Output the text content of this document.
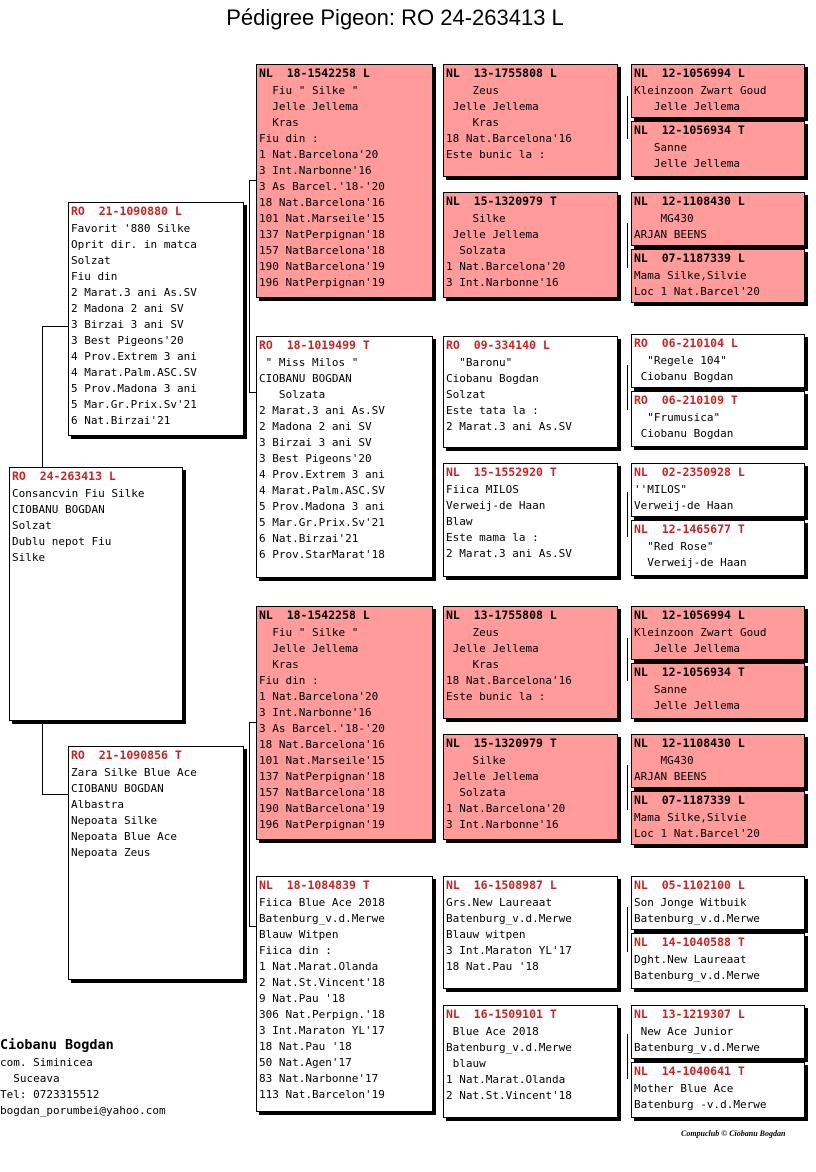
Pédigree Pigeon: RO 24-263413 L
RO  24-263413 L
Consancvin Fiu Silke
CIOBANU BOGDAN
Solzat
Dublu nepot Fiu
Silke
RO  21-1090880 L
Favorit '880 Silke
Oprit dir. in matca
Solzat
Fiu din
2 Marat.3 ani As.SV
2 Madona 2 ani SV
3 Birzai 3 ani SV
3 Best Pigeons'20
4 Prov.Extrem 3 ani
4 Marat.Palm.ASC.SV
5 Prov.Madona 3 ani
5 Mar.Gr.Prix.Sv'21
6 Nat.Birzai'21
RO  21-1090856 T
Zara Silke Blue Ace
CIOBANU BOGDAN
Albastra
Nepoata Silke
Nepoata Blue Ace
Nepoata Zeus
NL  18-1542258 L
Fiu " Silke "
Jelle Jellema
Kras
Fiu din :
1 Nat.Barcelona'20
3 Int.Narbonne'16
3 As Barcel.'18-'20
18 Nat.Barcelona'16
101 Nat.Marseile'15
137 NatPerpignan'18
157 NatBarcelona'18
190 NatBarcelona'19
196 NatPerpignan'19
RO  18-1019499 T
" Miss Milos "
CIOBANU BOGDAN
Solzata
2 Marat.3 ani As.SV
2 Madona 2 ani SV
3 Birzai 3 ani SV
3 Best Pigeons'20
4 Prov.Extrem 3 ani
4 Marat.Palm.ASC.SV
5 Prov.Madona 3 ani
5 Mar.Gr.Prix.Sv'21
6 Nat.Birzai'21
6 Prov.StarMarat'18
NL  18-1542258 L
Fiu " Silke "
Jelle Jellema
Kras
Fiu din :
1 Nat.Barcelona'20
3 Int.Narbonne'16
3 As Barcel.'18-'20
18 Nat.Barcelona'16
101 Nat.Marseile'15
137 NatPerpignan'18
157 NatBarcelona'18
190 NatBarcelona'19
196 NatPerpignan'19
NL  18-1084839 T
Fiica Blue Ace 2018
Batenburg_v.d.Merwe
Blauw Witpen
Fiica din :
1 Nat.Marat.Olanda
2 Nat.St.Vincent'18
9 Nat.Pau '18
306 Nat.Perpign.'18
3 Int.Maraton YL'17
18 Nat.Pau '18
50 Nat.Agen'17
83 Nat.Narbonne'17
113 Nat.Barcelon'19
NL  13-1755808 L
Zeus
Jelle Jellema
Kras
18 Nat.Barcelona'16
Este bunic la :
NL  15-1320979 T
Silke
Jelle Jellema
Solzata
1 Nat.Barcelona'20
3 Int.Narbonne'16
RO  09-334140 L
"Baronu"
Ciobanu Bogdan
Solzat
Este tata la :
2 Marat.3 ani As.SV
NL  15-1552920 T
Fiica MILOS
Verweij-de Haan
Blaw
Este mama la :
2 Marat.3 ani As.SV
NL  13-1755808 L
Zeus
Jelle Jellema
Kras
18 Nat.Barcelona'16
Este bunic la :
NL  15-1320979 T
Silke
Jelle Jellema
Solzata
1 Nat.Barcelona'20
3 Int.Narbonne'16
NL  16-1508987 L
Grs.New Laureaat
Batenburg_v.d.Merwe
Blauw witpen
3 Int.Maraton YL'17
18 Nat.Pau '18
NL  16-1509101 T
Blue Ace 2018
Batenburg_v.d.Merwe
blauw
1 Nat.Marat.Olanda
2 Nat.St.Vincent'18
NL  12-1056994 L
Kleinzoon Zwart Goud
Jelle Jellema
NL  12-1056934 T
Sanne
Jelle Jellema
NL  12-1108430 L
MG430
ARJAN BEENS
NL  07-1187339 L
Mama Silke,Silvie
Loc 1 Nat.Barcel'20
RO  06-210104 L
"Regele 104"
Ciobanu Bogdan
RO  06-210109 T
"Frumusica"
Ciobanu Bogdan
NL  02-2350928 L
''MILOS"
Verweij-de Haan
NL  12-1465677 T
"Red Rose"
Verweij-de Haan
NL  12-1056994 L
Kleinzoon Zwart Goud
Jelle Jellema
NL  12-1056934 T
Sanne
Jelle Jellema
NL  12-1108430 L
MG430
ARJAN BEENS
NL  07-1187339 L
Mama Silke,Silvie
Loc 1 Nat.Barcel'20
NL  05-1102100 L
Son Jonge Witbuik
Batenburg_v.d.Merwe
NL  14-1040588 T
Dght.New Laureaat
Batenburg_v.d.Merwe
NL  13-1219307 L
New Ace Junior
Batenburg_v.d.Merwe
NL  14-1040641 T
Mother Blue Ace
Batenburg -v.d.Merwe
Ciobanu Bogdan
com. Siminicea
Suceava
Tel: 0723315512
bogdan_porumbei@yahoo.com
Compuclub © Ciobanu Bogdan
